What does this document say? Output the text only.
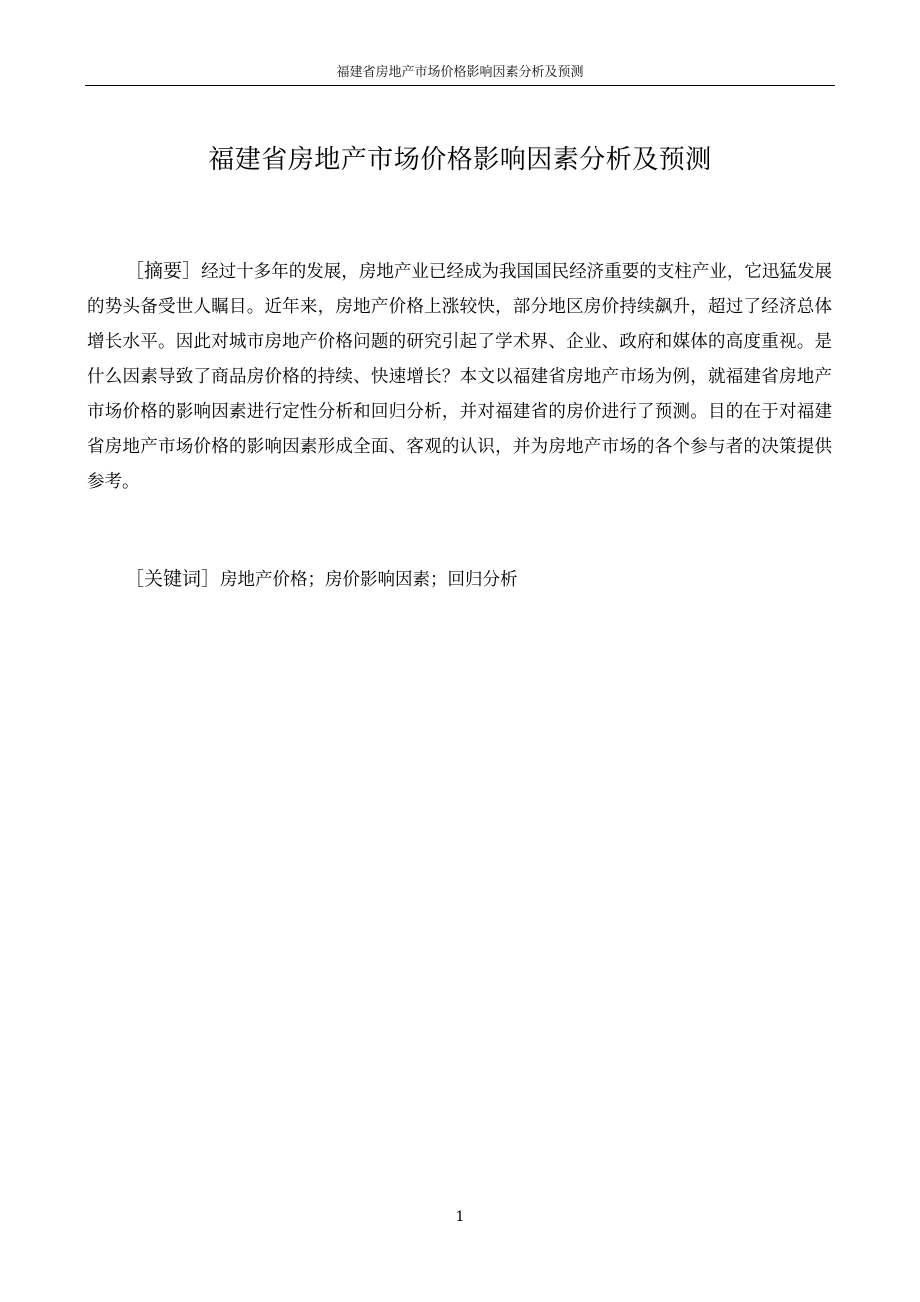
福建省房地产市场价格影响因素分析及预测
福建省房地产市场价格影响因素分析及预测

［摘要］经过十多年的发展，房地产业已经成为我国国民经济重要的支柱产业，它迅猛发展的势头备受世人瞩目。近年来，房地产价格上涨较快，部分地区房价持续飙升，超过了经济总体增长水平。因此对城市房地产价格问题的研究引起了学术界、企业、政府和媒体的高度重视。是什么因素导致了商品房价格的持续、快速增长？本文以福建省房地产市场为例，就福建省房地产市场价格的影响因素进行定性分析和回归分析，并对福建省的房价进行了预测。目的在于对福建省房地产市场价格的影响因素形成全面、客观的认识，并为房地产市场的各个参与者的决策提供参考。

［关键词］房地产价格；房价影响因素；回归分析

1
